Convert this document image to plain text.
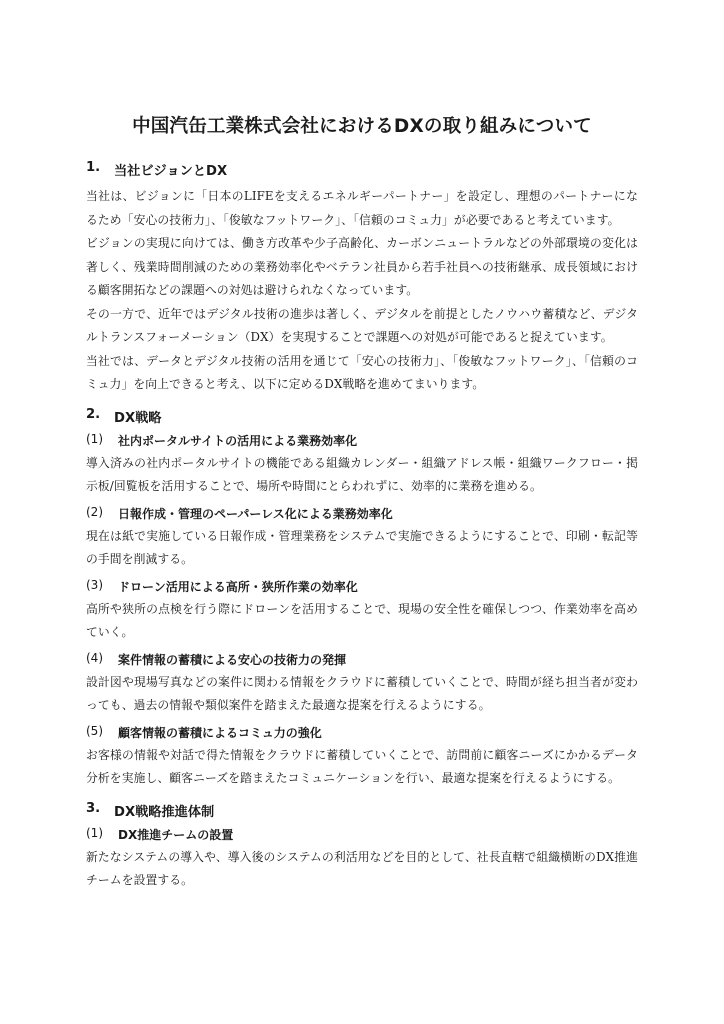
中国汽缶工業株式会社におけるDXの取り組みについて
1.	当社ビジョンとDX

当社は、ビジョンに「日本のLIFEを支えるエネルギーパートナー」を設定し、理想のパートナーになるため「安心の技術力」、「俊敏なフットワーク」、「信頼のコミュ力」が必要であると考えています。

ビジョンの実現に向けては、働き方改革や少子高齢化、カーボンニュートラルなどの外部環境の変化は著しく、残業時間削減のための業務効率化やベテラン社員から若手社員への技術継承、成長領域における顧客開拓などの課題への対処は避けられなくなっています。

その一方で、近年ではデジタル技術の進歩は著しく、デジタルを前提としたノウハウ蓄積など、デジタルトランスフォーメーション（DX）を実現することで課題への対処が可能であると捉えています。

当社では、データとデジタル技術の活用を通じて「安心の技術力」、「俊敏なフットワーク」、「信頼のコミュ力」を向上できると考え、以下に定めるDX戦略を進めてまいります。

2.	DX戦略
(1)	社内ポータルサイトの活用による業務効率化

導入済みの社内ポータルサイトの機能である組織カレンダー・組織アドレス帳・組織ワークフロー・掲示板/回覧板を活用することで、場所や時間にとらわれずに、効率的に業務を進める。

(2)	日報作成・管理のペーパーレス化による業務効率化

現在は紙で実施している日報作成・管理業務をシステムで実施できるようにすることで、印刷・転記等の手間を削減する。

(3)	ドローン活用による高所・狭所作業の効率化

高所や狭所の点検を行う際にドローンを活用することで、現場の安全性を確保しつつ、作業効率を高めていく。

(4)	案件情報の蓄積による安心の技術力の発揮

設計図や現場写真などの案件に関わる情報をクラウドに蓄積していくことで、時間が経ち担当者が変わっても、過去の情報や類似案件を踏まえた最適な提案を行えるようにする。

(5)	顧客情報の蓄積によるコミュ力の強化

お客様の情報や対話で得た情報をクラウドに蓄積していくことで、訪問前に顧客ニーズにかかるデータ分析を実施し、顧客ニーズを踏まえたコミュニケーションを行い、最適な提案を行えるようにする。

3.	DX戦略推進体制
(1)	DX推進チームの設置

新たなシステムの導入や、導入後のシステムの利活用などを目的として、社長直轄で組織横断のDX推進チームを設置する。
